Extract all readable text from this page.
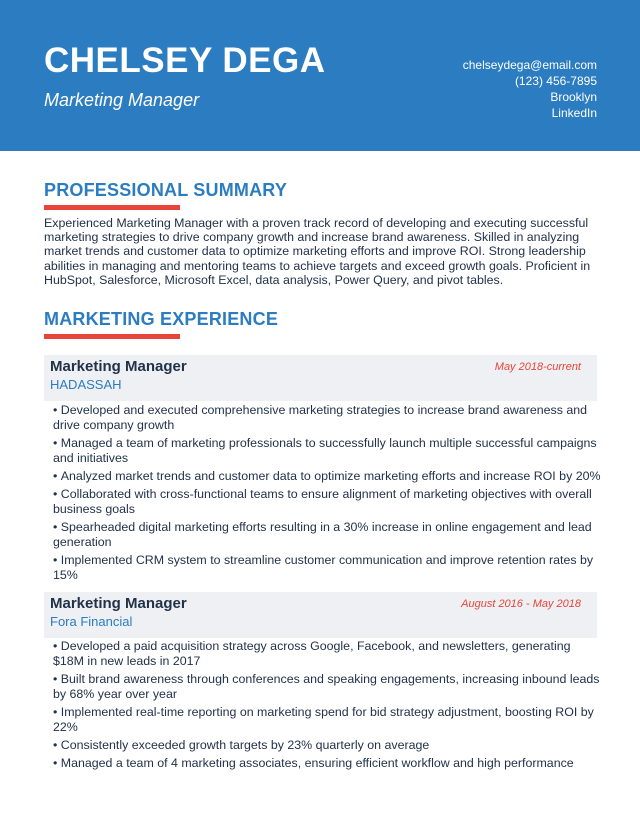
CHELSEY DEGA
Marketing Manager
chelseydega@email.com
(123) 456-7895
Brooklyn
LinkedIn
PROFESSIONAL SUMMARY
Experienced Marketing Manager with a proven track record of developing and executing successful marketing strategies to drive company growth and increase brand awareness. Skilled in analyzing market trends and customer data to optimize marketing efforts and improve ROI. Strong leadership abilities in managing and mentoring teams to achieve targets and exceed growth goals. Proficient in HubSpot, Salesforce, Microsoft Excel, data analysis, Power Query, and pivot tables.
MARKETING EXPERIENCE
Marketing Manager
HADASSAH
May 2018-current
• Developed and executed comprehensive marketing strategies to increase brand awareness and drive company growth
• Managed a team of marketing professionals to successfully launch multiple successful campaigns and initiatives
• Analyzed market trends and customer data to optimize marketing efforts and increase ROI by 20%
• Collaborated with cross-functional teams to ensure alignment of marketing objectives with overall business goals
• Spearheaded digital marketing efforts resulting in a 30% increase in online engagement and lead generation
• Implemented CRM system to streamline customer communication and improve retention rates by 15%
Marketing Manager
Fora Financial
August 2016 - May 2018
• Developed a paid acquisition strategy across Google, Facebook, and newsletters, generating $18M in new leads in 2017
• Built brand awareness through conferences and speaking engagements, increasing inbound leads by 68% year over year
• Implemented real-time reporting on marketing spend for bid strategy adjustment, boosting ROI by 22%
• Consistently exceeded growth targets by 23% quarterly on average
• Managed a team of 4 marketing associates, ensuring efficient workflow and high performance
